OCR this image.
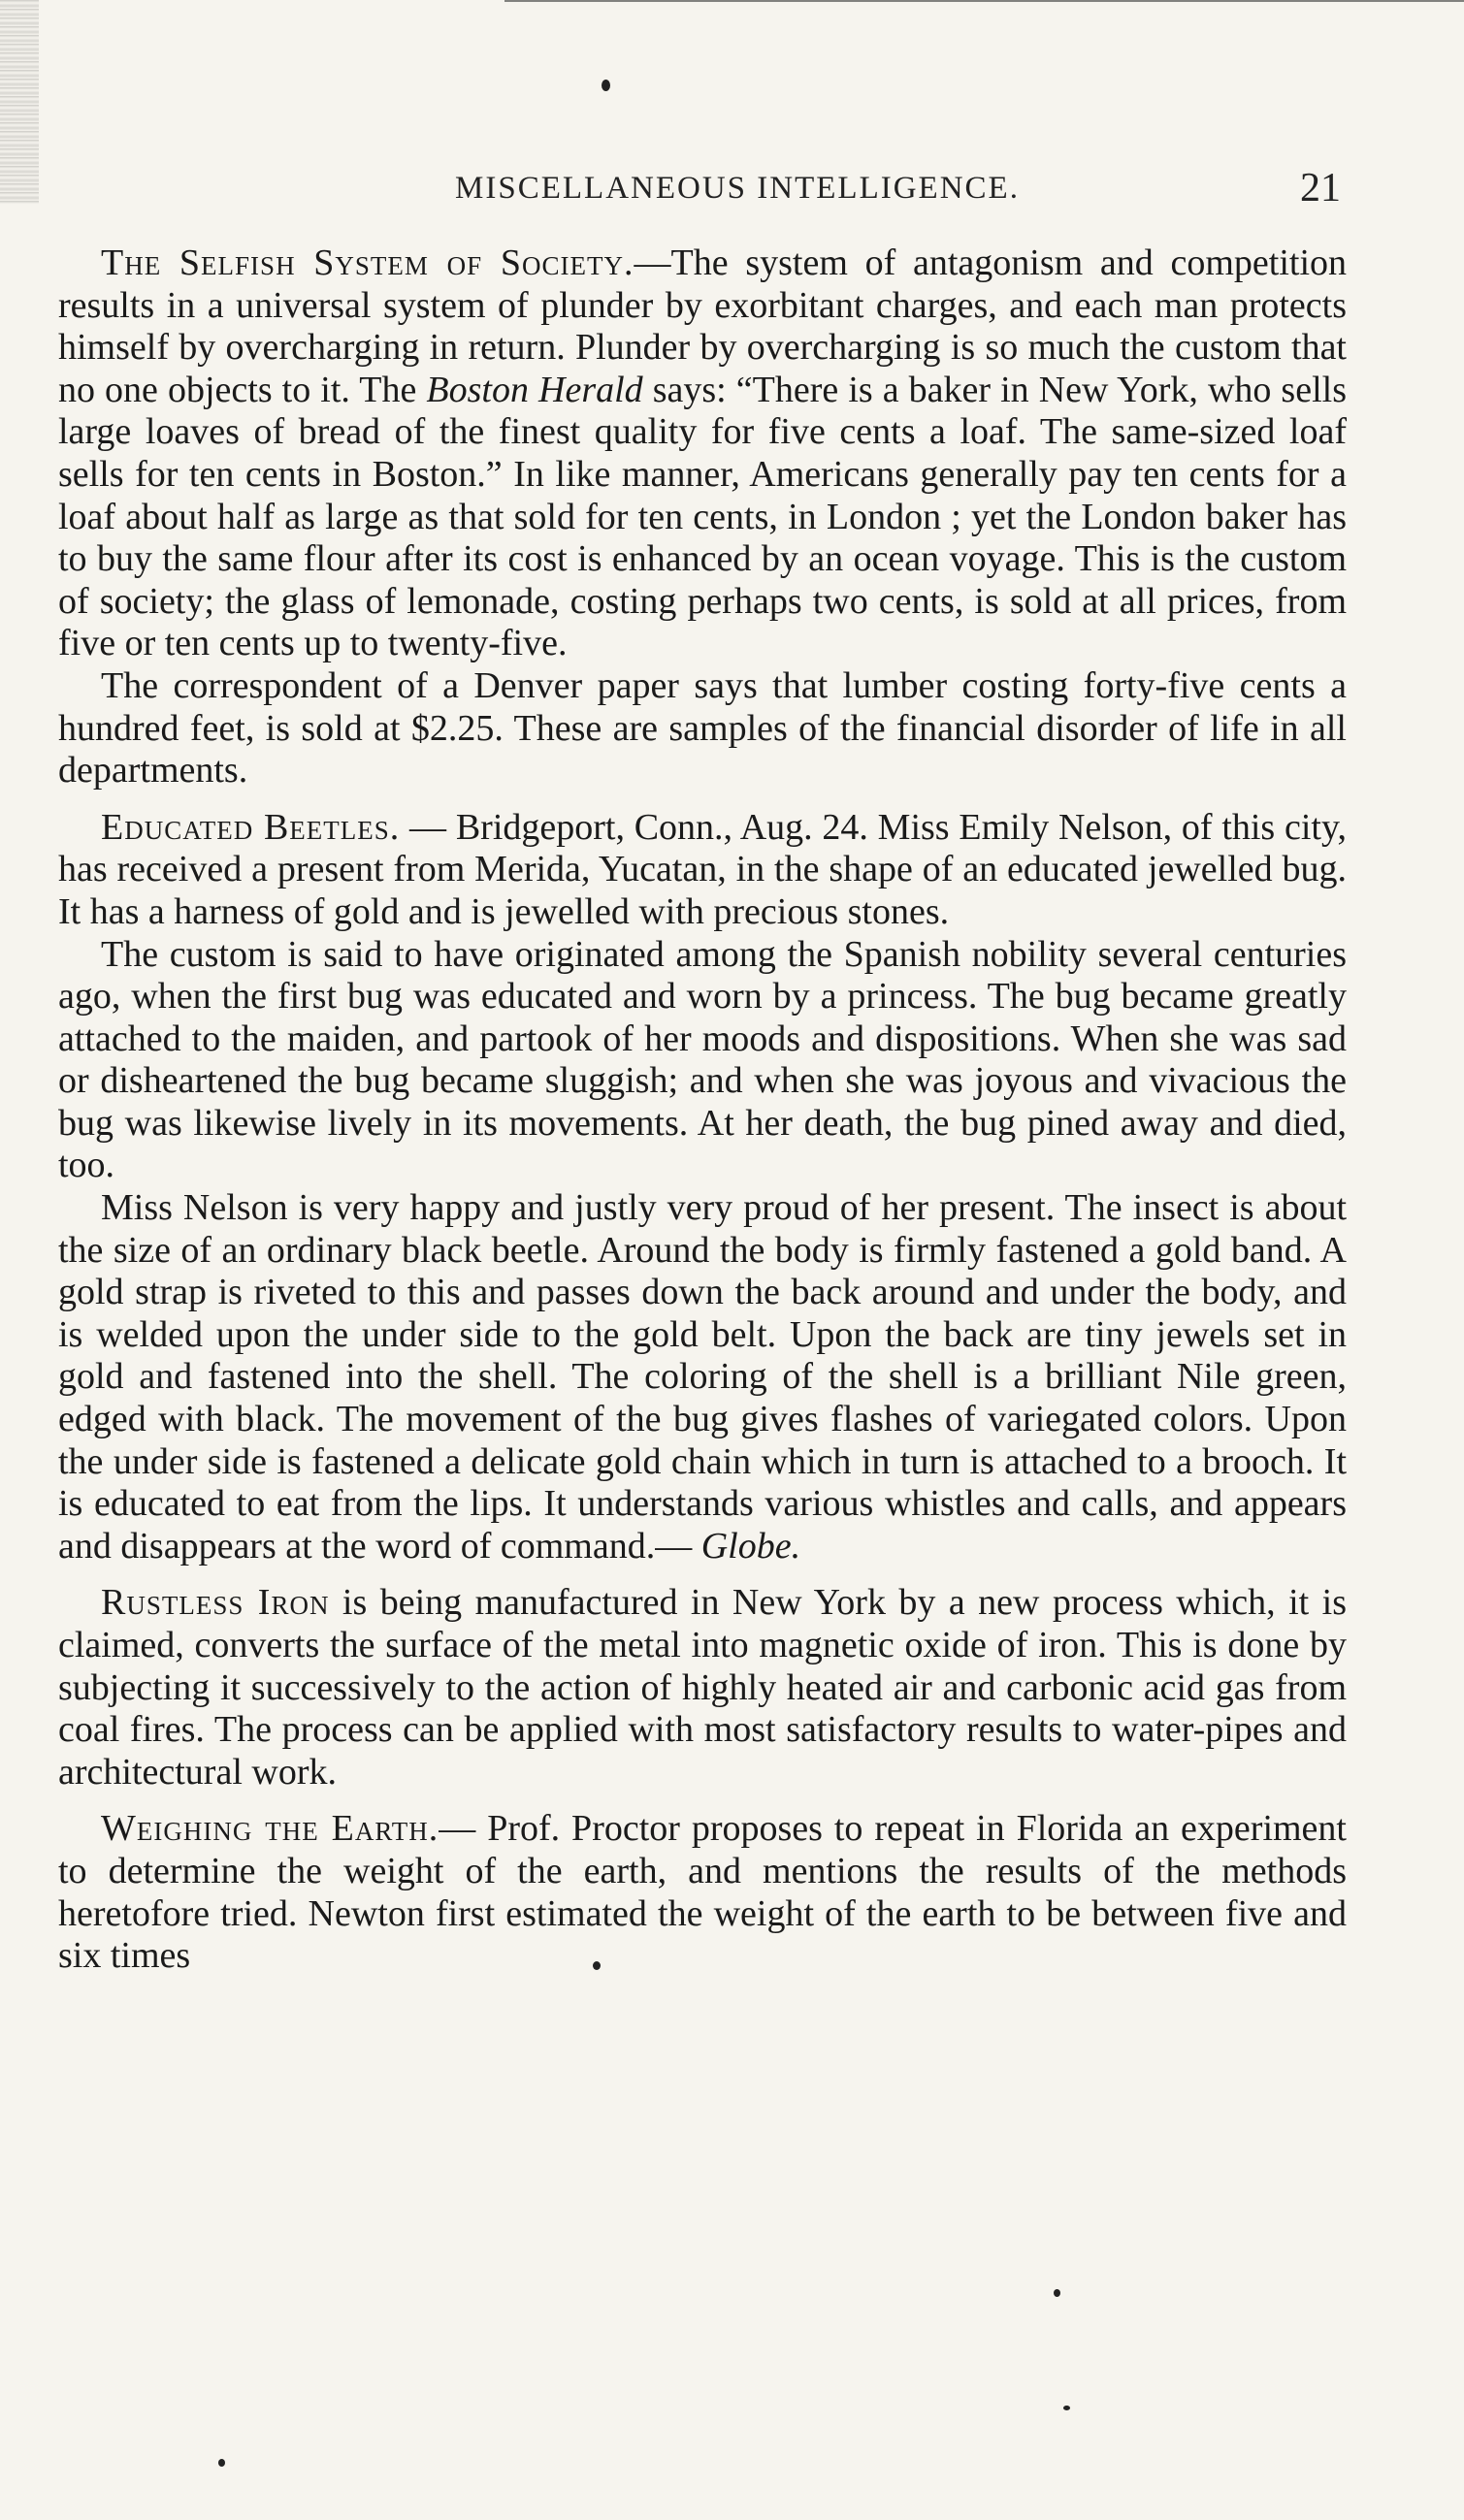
MISCELLANEOUS INTELLIGENCE.	21

The Selfish System of Society.—The system of antagonism and competition results in a universal system of plunder by exorbitant charges, and each man protects himself by overcharging in return. Plunder by overcharging is so much the custom that no one objects to it. The Boston Herald says: “There is a baker in New York, who sells large loaves of bread of the finest quality for five cents a loaf. The same-sized loaf sells for ten cents in Boston.” In like manner, Americans generally pay ten cents for a loaf about half as large as that sold for ten cents, in London ; yet the London baker has to buy the same flour after its cost is enhanced by an ocean voyage. This is the custom of society; the glass of lemonade, costing perhaps two cents, is sold at all prices, from five or ten cents up to twenty-five.

The correspondent of a Denver paper says that lumber costing forty-five cents a hundred feet, is sold at $2.25. These are samples of the financial disorder of life in all departments.

Educated Beetles. — Bridgeport, Conn., Aug. 24. Miss Emily Nelson, of this city, has received a present from Merida, Yucatan, in the shape of an educated jewelled bug. It has a harness of gold and is jewelled with precious stones.

The custom is said to have originated among the Spanish nobility several centuries ago, when the first bug was educated and worn by a princess. The bug became greatly attached to the maiden, and partook of her moods and dispositions. When she was sad or disheartened the bug became sluggish; and when she was joyous and vivacious the bug was likewise lively in its movements. At her death, the bug pined away and died, too.

Miss Nelson is very happy and justly very proud of her present. The insect is about the size of an ordinary black beetle. Around the body is firmly fastened a gold band. A gold strap is riveted to this and passes down the back around and under the body, and is welded upon the under side to the gold belt. Upon the back are tiny jewels set in gold and fastened into the shell. The coloring of the shell is a brilliant Nile green, edged with black. The movement of the bug gives flashes of variegated colors. Upon the under side is fastened a delicate gold chain which in turn is attached to a brooch. It is educated to eat from the lips. It understands various whistles and calls, and appears and disappears at the word of command.— Globe.

Rustless Iron is being manufactured in New York by a new process which, it is claimed, converts the surface of the metal into magnetic oxide of iron. This is done by subjecting it successively to the action of highly heated air and carbonic acid gas from coal fires. The process can be applied with most satisfactory results to water-pipes and architectural work.

Weighing the Earth.— Prof. Proctor proposes to repeat in Florida an experiment to determine the weight of the earth, and mentions the results of the methods heretofore tried. Newton first estimated the weight of the earth to be between five and six times
